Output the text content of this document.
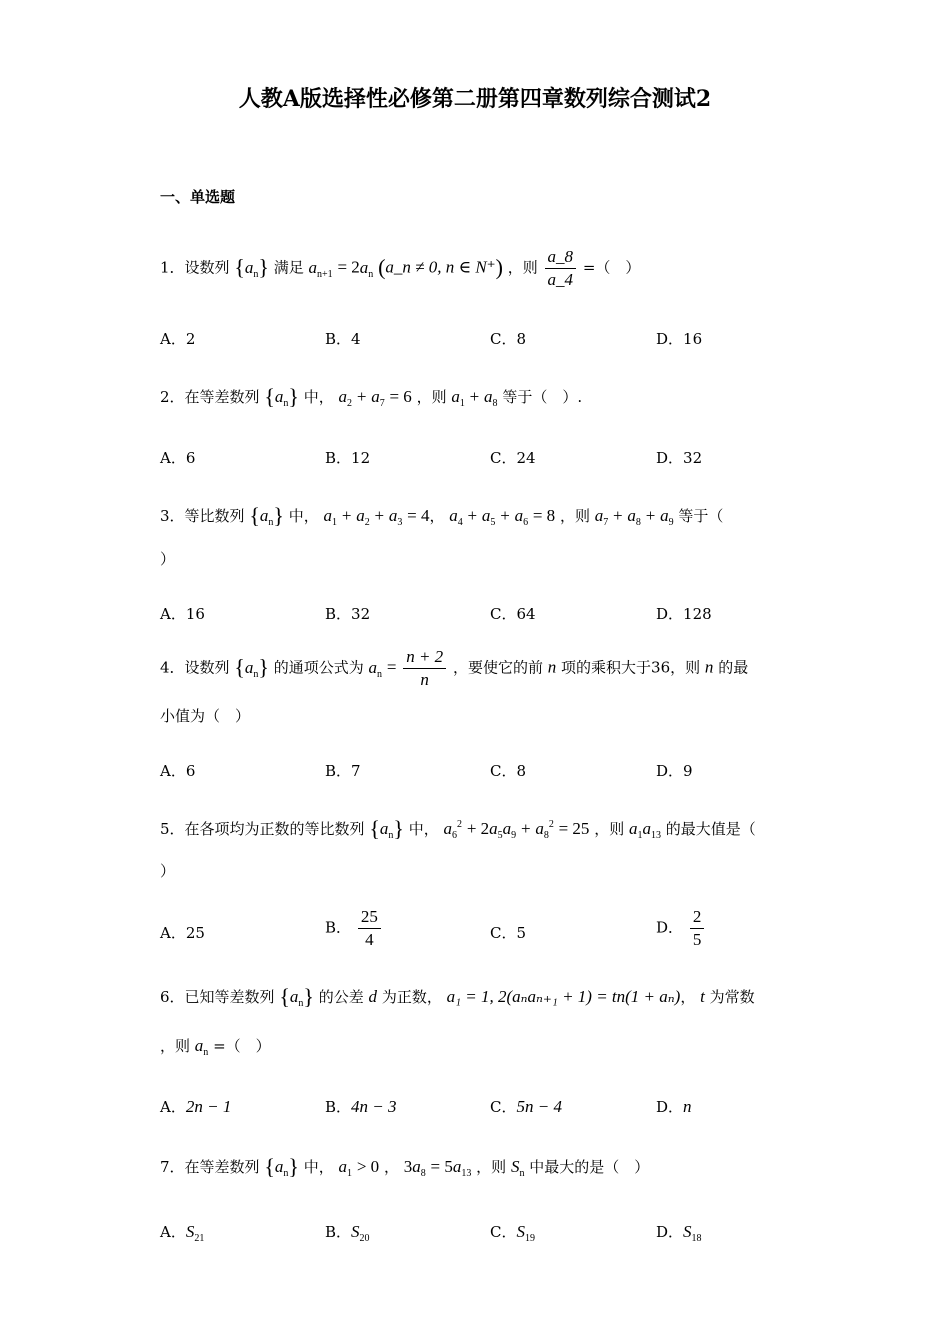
人教A版选择性必修第二册第四章数列综合测试2
一、单选题
1．设数列 $\{a_n\}$ 满足 $a_{n+1} = 2a_n$ (a_n ≠ 0, n ∈ N⁺) ，则 $\frac{a\_8}{a\_4}$ =（　）
A．2	B．4	C．8	D．16
2．在等差数列 $\{a_n\}$ 中， $a_2 + a_7 = 6$ ，则 $a_1 + a_8$ 等于（　）.
A．6	B．12	C．24	D．32
3．等比数列 $\{a_n\}$ 中， $a_1 + a_2 + a_3 = 4$， $a_4 + a_5 + a_6 = 8$ ，则 $a_7 + a_8 + a_9$ 等于（
）
A．16	B．32	C．64	D．128
4．设数列 $\{a_n\}$ 的通项公式为 $a_n = \frac{n + 2}{n}$ ，要使它的前 n 项的乘积大于36，则 n 的最
小值为（　）
A．6	B．7	C．8	D．9
5．在各项均为正数的等比数列 $\{a_n\}$ 中， $a_6^2 + 2a_5a_9 + a_8^2 = 25$ ，则 $a_1a_{13}$ 的最大值是（
）
A．25	B． $\frac{25}{4}$	C．5	D． $\frac{2}{5}$
6．已知等差数列 $\{a_n\}$ 的公差 d 为正数， a₁ = 1, 2(aₙaₙ₊₁ + 1) = tn(1 + aₙ)， t 为常数
，则 $a_n$ =（　）
A．2n − 1	B．4n − 3	C．5n − 4	D．n
7．在等差数列 $\{a_n\}$ 中， $a_1 > 0$ ， $3a_8 = 5a_{13}$ ，则 $S_n$ 中最大的是（　）
A．$S_{21}$	B．$S_{20}$	C．$S_{19}$	D．$S_{18}$
